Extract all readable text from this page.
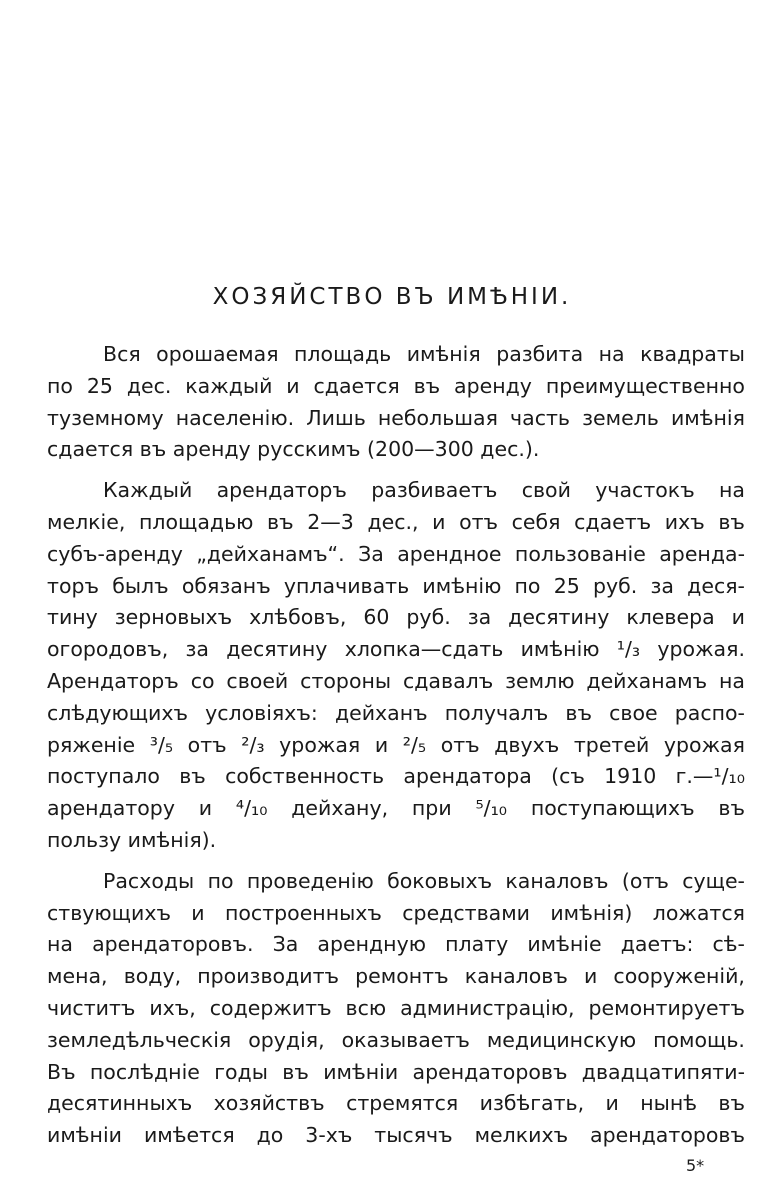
ХОЗЯЙСТВО ВЪ ИМѢНІИ.
Вся орошаемая площадь имѣнія разбита на квадраты
по 25 дес. каждый и сдается въ аренду преимущественно
туземному населенію. Лишь небольшая часть земель имѣнія
сдается въ аренду русскимъ (200—300 дес.).
Каждый арендаторъ разбиваетъ свой участокъ на
мелкіе, площадью въ 2—3 дес., и отъ себя сдаетъ ихъ въ
субъ-аренду „дейханамъ“. За арендное пользованіе аренда-
торъ былъ обязанъ уплачивать имѣнію по 25 руб. за деся-
тину зерновыхъ хлѣбовъ, 60 руб. за десятину клевера и
огородовъ, за десятину хлопка—сдать имѣнію ¹/₃ урожая.
Арендаторъ со своей стороны сдавалъ землю дейханамъ на
слѣдующихъ условіяхъ: дейханъ получалъ въ свое распо-
ряженіе ³/₅ отъ ²/₃ урожая и ²/₅ отъ двухъ третей урожая
поступало въ собственность арендатора (съ 1910 г.—¹/₁₀
арендатору и ⁴/₁₀ дейхану, при ⁵/₁₀ поступающихъ въ
пользу имѣнія).
Расходы по проведенію боковыхъ каналовъ (отъ суще-
ствующихъ и построенныхъ средствами имѣнія) ложатся
на арендаторовъ. За арендную плату имѣніе даетъ: сѣ-
мена, воду, производитъ ремонтъ каналовъ и сооруженій,
чиститъ ихъ, содержитъ всю администрацію, ремонтируетъ
земледѣльческія орудія, оказываетъ медицинскую помощь.
Въ послѣдніе годы въ имѣніи арендаторовъ двадцатипяти-
десятинныхъ хозяйствъ стремятся избѣгать, и нынѣ въ
имѣніи имѣется до 3-хъ тысячъ мелкихъ арендаторовъ
5*
